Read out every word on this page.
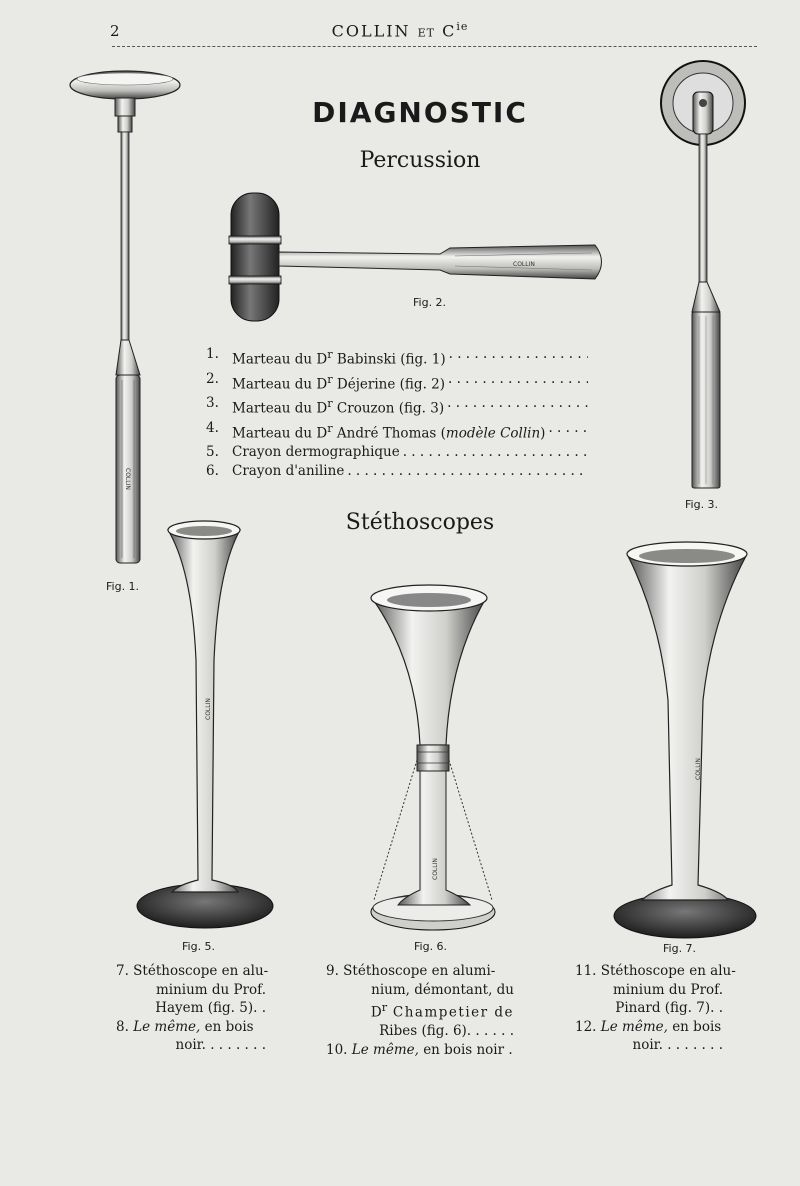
2	COLLIN ET $C^{ie}$
DIAGNOSTIC
Percussion
Stéthoscopes
COLLIN
COLLIN
COLLIN
COLLIN
COLLIN
Fig. 1.
Fig. 2.
Fig. 3.
Fig. 5.	Fig. 6.	Fig. 7.
1. Marteau du $D^r$ Babinski (fig. 1)
. . .
2. Marteau du $D^r$ Déjerine (fig. 2)
. . .
3. Marteau du $D^r$ Crouzon (fig. 3)
. . .
4. Marteau du $D^r$ André Thomas (modèle Collin)
. . .
5. Crayon dermographique
. . .
6. Crayon d'aniline
. . .
7. Stéthoscope en alu-
minium du Prof.
Hayem (fig. 5). .
8. Le même, en bois
noir. . . . . . . .
9. Stéthoscope en alumi-
nium, démontant, du
$D^r$ Champetier de
Ribes (fig. 6). . . . . .
10. Le même, en bois noir .
11. Stéthoscope en alu-
minium du Prof.
Pinard (fig. 7). .
12. Le même, en bois
noir. . . . . . . .
